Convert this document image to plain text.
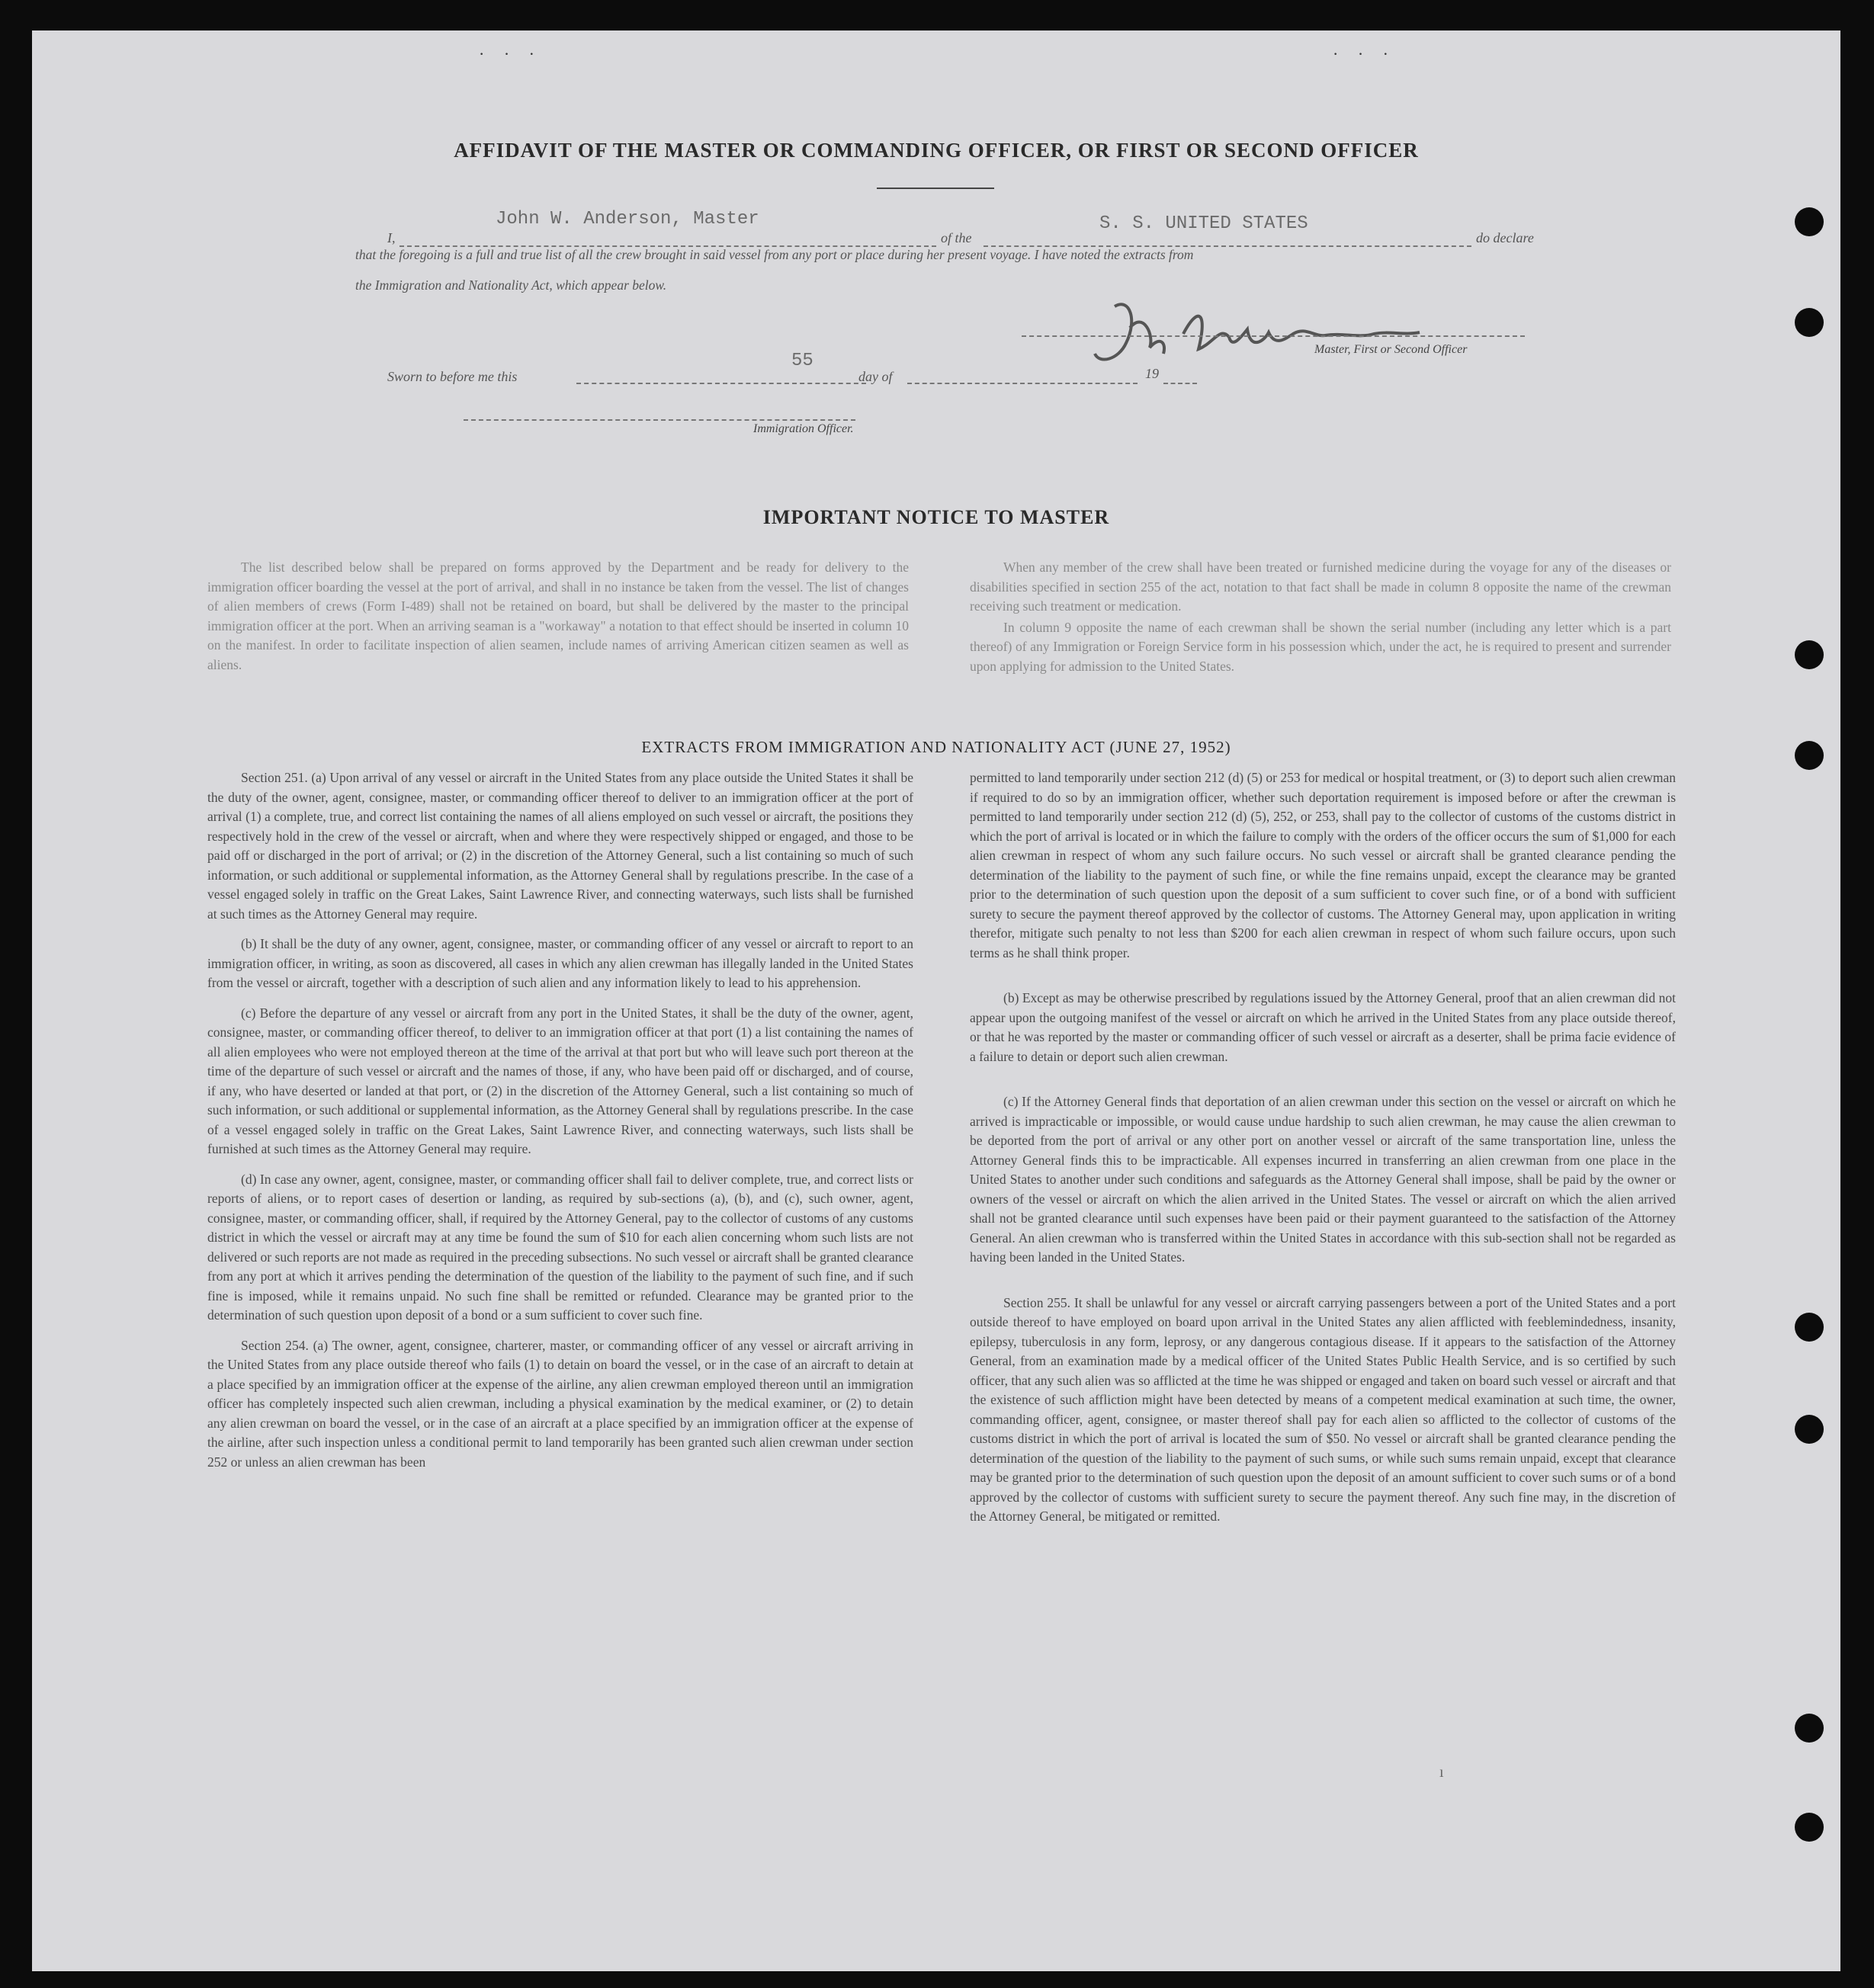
· · ·	· · ·
AFFIDAVIT OF THE MASTER OR COMMANDING OFFICER, OR FIRST OR SECOND OFFICER
I,
John W. Anderson, Master
of the
S. S. UNITED STATES
do declare
that the foregoing is a full and true list of all the crew brought in said vessel from any port or place during her present voyage. I have noted the extracts from
the Immigration and Nationality Act, which appear below.
Master, First or Second Officer
Sworn to before me this
55
day of	19
Immigration Officer.
IMPORTANT NOTICE TO MASTER

The list described below shall be prepared on forms approved by the Department and be ready for delivery to the immigration officer boarding the vessel at the port of arrival, and shall in no instance be taken from the vessel. The list of changes of alien members of crews (Form I-489) shall not be retained on board, but shall be delivered by the master to the principal immigration officer at the port. When an arriving seaman is a "workaway" a notation to that effect should be inserted in column 10 on the manifest. In order to facilitate inspection of alien seamen, include names of arriving American citizen seamen as well as aliens.

When any member of the crew shall have been treated or furnished medicine during the voyage for any of the diseases or disabilities specified in section 255 of the act, notation to that fact shall be made in column 8 opposite the name of the crewman receiving such treatment or medication.

In column 9 opposite the name of each crewman shall be shown the serial number (including any letter which is a part thereof) of any Immigration or Foreign Service form in his possession which, under the act, he is required to present and surrender upon applying for admission to the United States.

EXTRACTS FROM IMMIGRATION AND NATIONALITY ACT (JUNE 27, 1952)

Section 251. (a) Upon arrival of any vessel or aircraft in the United States from any place outside the United States it shall be the duty of the owner, agent, consignee, master, or commanding officer thereof to deliver to an immigration officer at the port of arrival (1) a complete, true, and correct list containing the names of all aliens employed on such vessel or aircraft, the positions they respectively hold in the crew of the vessel or aircraft, when and where they were respectively shipped or engaged, and those to be paid off or discharged in the port of arrival; or (2) in the discretion of the Attorney General, such a list containing so much of such information, or such additional or supplemental information, as the Attorney General shall by regulations prescribe. In the case of a vessel engaged solely in traffic on the Great Lakes, Saint Lawrence River, and connecting waterways, such lists shall be furnished at such times as the Attorney General may require.

(b) It shall be the duty of any owner, agent, consignee, master, or commanding officer of any vessel or aircraft to report to an immigration officer, in writing, as soon as discovered, all cases in which any alien crewman has illegally landed in the United States from the vessel or aircraft, together with a description of such alien and any information likely to lead to his apprehension.

(c) Before the departure of any vessel or aircraft from any port in the United States, it shall be the duty of the owner, agent, consignee, master, or commanding officer thereof, to deliver to an immigration officer at that port (1) a list containing the names of all alien employees who were not employed thereon at the time of the arrival at that port but who will leave such port thereon at the time of the departure of such vessel or aircraft and the names of those, if any, who have been paid off or discharged, and of course, if any, who have deserted or landed at that port, or (2) in the discretion of the Attorney General, such a list containing so much of such information, or such additional or supplemental information, as the Attorney General shall by regulations prescribe. In the case of a vessel engaged solely in traffic on the Great Lakes, Saint Lawrence River, and connecting waterways, such lists shall be furnished at such times as the Attorney General may require.

(d) In case any owner, agent, consignee, master, or commanding officer shall fail to deliver complete, true, and correct lists or reports of aliens, or to report cases of desertion or landing, as required by sub-sections (a), (b), and (c), such owner, agent, consignee, master, or commanding officer, shall, if required by the Attorney General, pay to the collector of customs of any customs district in which the vessel or aircraft may at any time be found the sum of $10 for each alien concerning whom such lists are not delivered or such reports are not made as required in the preceding subsections. No such vessel or aircraft shall be granted clearance from any port at which it arrives pending the determination of the question of the liability to the payment of such fine, and if such fine is imposed, while it remains unpaid. No such fine shall be remitted or refunded. Clearance may be granted prior to the determination of such question upon deposit of a bond or a sum sufficient to cover such fine.

Section 254. (a) The owner, agent, consignee, charterer, master, or commanding officer of any vessel or aircraft arriving in the United States from any place outside thereof who fails (1) to detain on board the vessel, or in the case of an aircraft to detain at a place specified by an immigration officer at the expense of the airline, any alien crewman employed thereon until an immigration officer has completely inspected such alien crewman, including a physical examination by the medical examiner, or (2) to detain any alien crewman on board the vessel, or in the case of an aircraft at a place specified by an immigration officer at the expense of the airline, after such inspection unless a conditional permit to land temporarily has been granted such alien crewman under section 252 or unless an alien crewman has been

permitted to land temporarily under section 212 (d) (5) or 253 for medical or hospital treatment, or (3) to deport such alien crewman if required to do so by an immigration officer, whether such deportation requirement is imposed before or after the crewman is permitted to land temporarily under section 212 (d) (5), 252, or 253, shall pay to the collector of customs of the customs district in which the port of arrival is located or in which the failure to comply with the orders of the officer occurs the sum of $1,000 for each alien crewman in respect of whom any such failure occurs. No such vessel or aircraft shall be granted clearance pending the determination of the liability to the payment of such fine, or while the fine remains unpaid, except the clearance may be granted prior to the determination of such question upon the deposit of a sum sufficient to cover such fine, or of a bond with sufficient surety to secure the payment thereof approved by the collector of customs. The Attorney General may, upon application in writing therefor, mitigate such penalty to not less than $200 for each alien crewman in respect of whom such failure occurs, upon such terms as he shall think proper.

(b) Except as may be otherwise prescribed by regulations issued by the Attorney General, proof that an alien crewman did not appear upon the outgoing manifest of the vessel or aircraft on which he arrived in the United States from any place outside thereof, or that he was reported by the master or commanding officer of such vessel or aircraft as a deserter, shall be prima facie evidence of a failure to detain or deport such alien crewman.

(c) If the Attorney General finds that deportation of an alien crewman under this section on the vessel or aircraft on which he arrived is impracticable or impossible, or would cause undue hardship to such alien crewman, he may cause the alien crewman to be deported from the port of arrival or any other port on another vessel or aircraft of the same transportation line, unless the Attorney General finds this to be impracticable. All expenses incurred in transferring an alien crewman from one place in the United States to another under such conditions and safeguards as the Attorney General shall impose, shall be paid by the owner or owners of the vessel or aircraft on which the alien arrived in the United States. The vessel or aircraft on which the alien arrived shall not be granted clearance until such expenses have been paid or their payment guaranteed to the satisfaction of the Attorney General. An alien crewman who is transferred within the United States in accordance with this sub-section shall not be regarded as having been landed in the United States.

Section 255. It shall be unlawful for any vessel or aircraft carrying passengers between a port of the United States and a port outside thereof to have employed on board upon arrival in the United States any alien afflicted with feeblemindedness, insanity, epilepsy, tuberculosis in any form, leprosy, or any dangerous contagious disease. If it appears to the satisfaction of the Attorney General, from an examination made by a medical officer of the United States Public Health Service, and is so certified by such officer, that any such alien was so afflicted at the time he was shipped or engaged and taken on board such vessel or aircraft and that the existence of such affliction might have been detected by means of a competent medical examination at such time, the owner, commanding officer, agent, consignee, or master thereof shall pay for each alien so afflicted to the collector of customs of the customs district in which the port of arrival is located the sum of $50. No vessel or aircraft shall be granted clearance pending the determination of the question of the liability to the payment of such sums, or while such sums remain unpaid, except that clearance may be granted prior to the determination of such question upon the deposit of an amount sufficient to cover such sums or of a bond approved by the collector of customs with sufficient surety to secure the payment thereof. Any such fine may, in the discretion of the Attorney General, be mitigated or remitted.

ı
